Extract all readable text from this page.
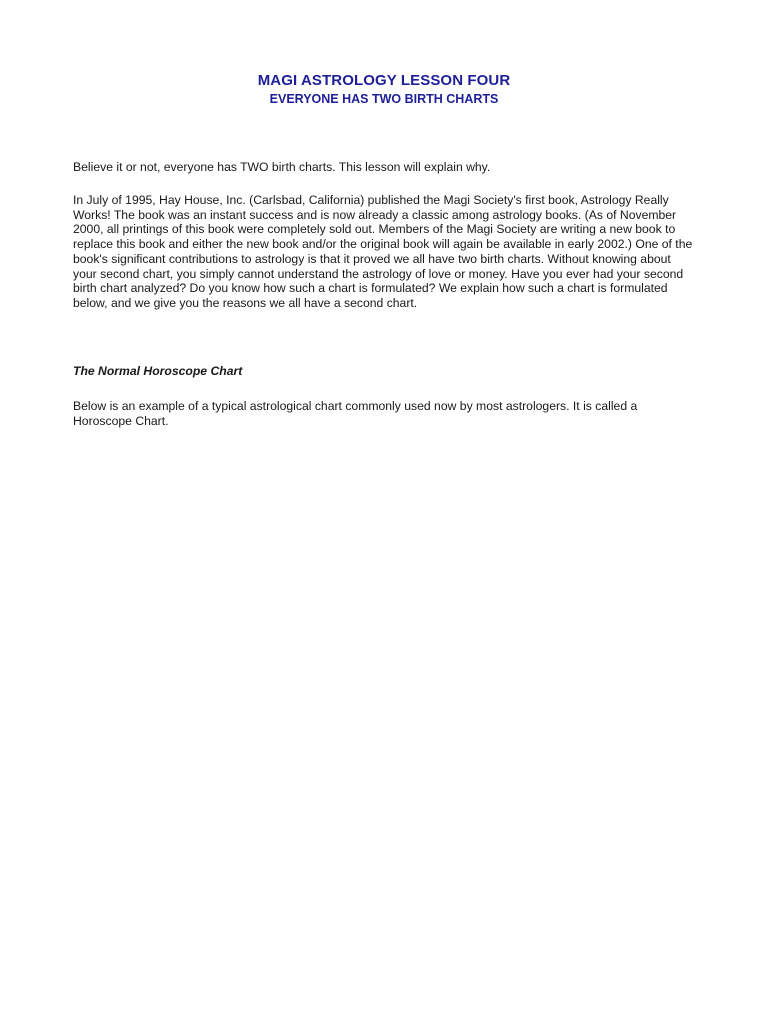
MAGI ASTROLOGY LESSON FOUR
EVERYONE HAS TWO BIRTH CHARTS

Believe it or not, everyone has TWO birth charts. This lesson will explain why.

In July of 1995, Hay House, Inc. (Carlsbad, California) published the Magi Society's first book, Astrology Really Works! The book was an instant success and is now already a classic among astrology books. (As of November 2000, all printings of this book were completely sold out. Members of the Magi Society are writing a new book to replace this book and either the new book and/or the original book will again be available in early 2002.) One of the book's significant contributions to astrology is that it proved we all have two birth charts. Without knowing about your second chart, you simply cannot understand the astrology of love or money. Have you ever had your second birth chart analyzed? Do you know how such a chart is formulated? We explain how such a chart is formulated below, and we give you the reasons we all have a second chart.

The Normal Horoscope Chart

Below is an example of a typical astrological chart commonly used now by most astrologers. It is called a Horoscope Chart.
